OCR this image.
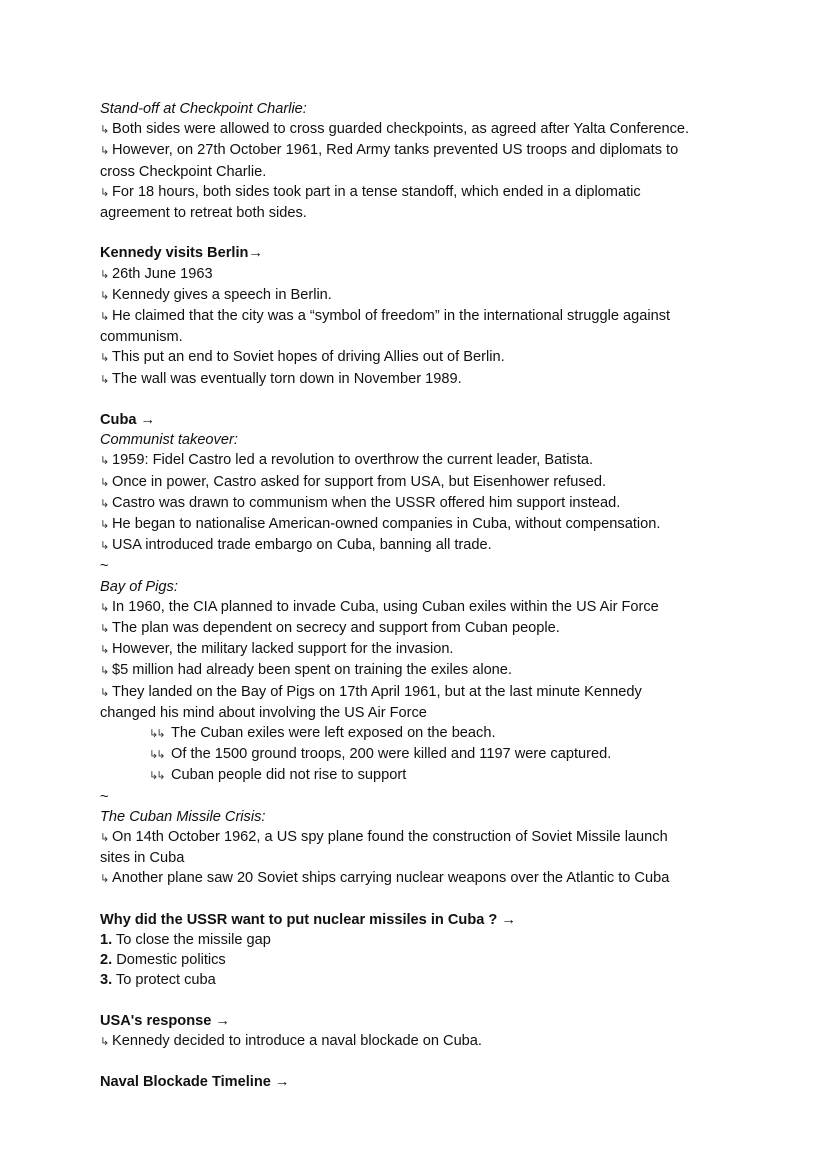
Stand-off at Checkpoint Charlie:
↳ Both sides were allowed to cross guarded checkpoints, as agreed after Yalta Conference.
↳ However, on 27th October 1961, Red Army tanks prevented US troops and diplomats to
cross Checkpoint Charlie.
↳ For 18 hours, both sides took part in a tense standoff, which ended in a diplomatic
agreement to retreat both sides.
Kennedy visits Berlin→
↳ 26th June 1963
↳ Kennedy gives a speech in Berlin.
↳ He claimed that the city was a “symbol of freedom” in the international struggle against
communism.
↳ This put an end to Soviet hopes of driving Allies out of Berlin.
↳ The wall was eventually torn down in November 1989.
Cuba →
Communist takeover:
↳ 1959: Fidel Castro led a revolution to overthrow the current leader, Batista.
↳ Once in power, Castro asked for support from USA, but Eisenhower refused.
↳ Castro was drawn to communism when the USSR offered him support instead.
↳ He began to nationalise American-owned companies in Cuba, without compensation.
↳ USA introduced trade embargo on Cuba, banning all trade.
~
Bay of Pigs:
↳ In 1960, the CIA planned to invade Cuba, using Cuban exiles within the US Air Force
↳ The plan was dependent on secrecy and support from Cuban people.
↳ However, the military lacked support for the invasion.
↳ $5 million had already been spent on training the exiles alone.
↳ They landed on the Bay of Pigs on 17th April 1961, but at the last minute Kennedy
changed his mind about involving the US Air Force
↳↳ The Cuban exiles were left exposed on the beach.
↳↳ Of the 1500 ground troops, 200 were killed and 1197 were captured.
↳↳ Cuban people did not rise to support
~
The Cuban Missile Crisis:
↳ On 14th October 1962, a US spy plane found the construction of Soviet Missile launch
sites in Cuba
↳ Another plane saw 20 Soviet ships carrying nuclear weapons over the Atlantic to Cuba
Why did the USSR want to put nuclear missiles in Cuba ? →
1. To close the missile gap
2. Domestic politics
3. To protect cuba
USA's response →
↳ Kennedy decided to introduce a naval blockade on Cuba.
Naval Blockade Timeline →
